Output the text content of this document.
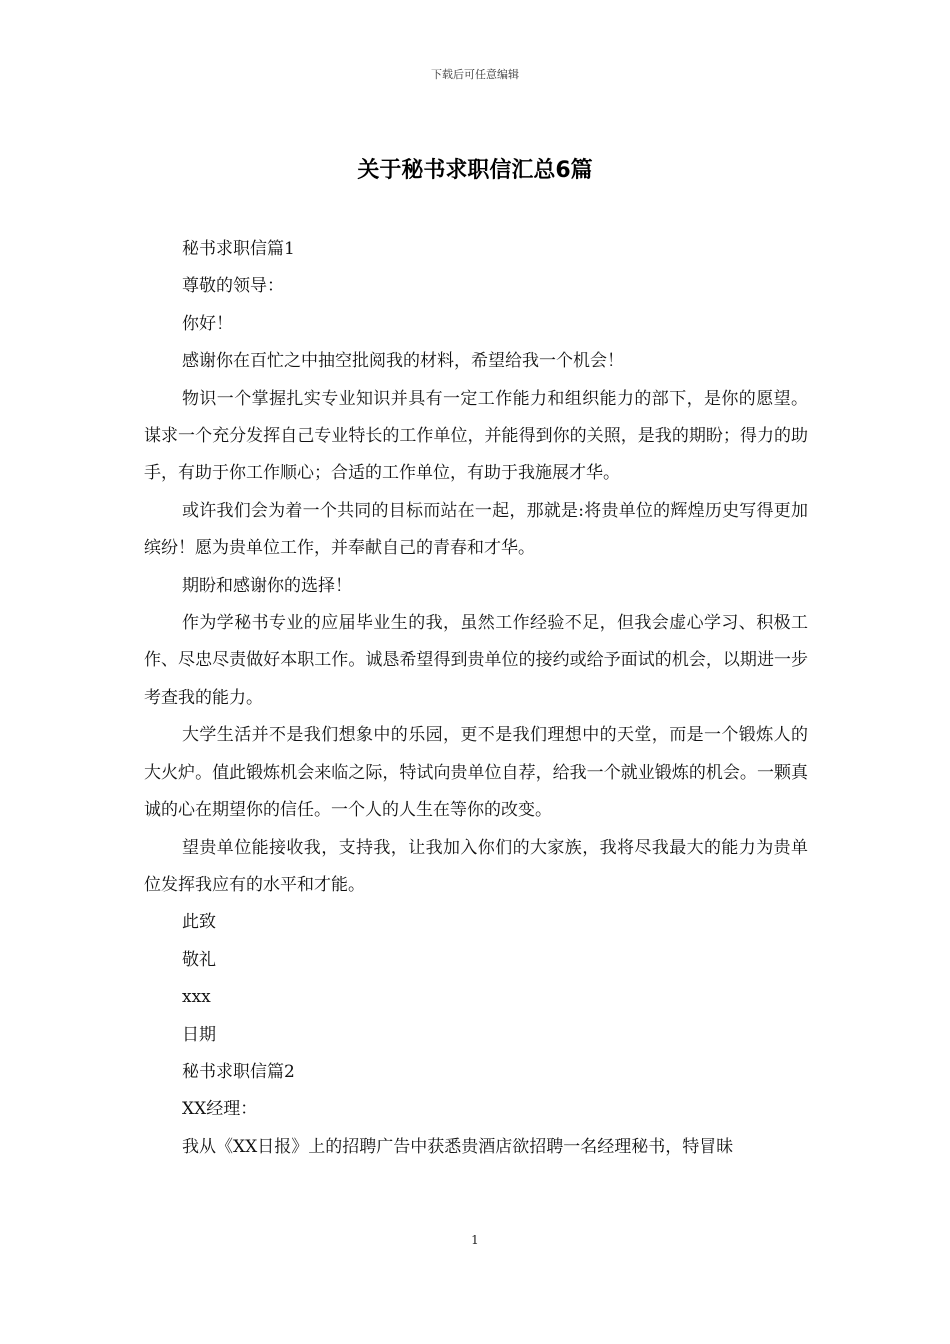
下载后可任意编辑
关于秘书求职信汇总6篇

秘书求职信篇1

尊敬的领导：

你好！

感谢你在百忙之中抽空批阅我的材料，希望给我一个机会！

物识一个掌握扎实专业知识并具有一定工作能力和组织能力的部下，是你的愿望。谋求一个充分发挥自己专业特长的工作单位，并能得到你的关照，是我的期盼；得力的助手，有助于你工作顺心；合适的工作单位，有助于我施展才华。

或许我们会为着一个共同的目标而站在一起，那就是:将贵单位的辉煌历史写得更加缤纷！愿为贵单位工作，并奉献自己的青春和才华。

期盼和感谢你的选择！

作为学秘书专业的应届毕业生的我，虽然工作经验不足，但我会虚心学习、积极工作、尽忠尽责做好本职工作。诚恳希望得到贵单位的接约或给予面试的机会，以期进一步考查我的能力。

大学生活并不是我们想象中的乐园，更不是我们理想中的天堂，而是一个锻炼人的大火炉。值此锻炼机会来临之际，特试向贵单位自荐，给我一个就业锻炼的机会。一颗真诚的心在期望你的信任。一个人的人生在等你的改变。

望贵单位能接收我，支持我，让我加入你们的大家族，我将尽我最大的能力为贵单位发挥我应有的水平和才能。

此致

敬礼

xxx

日期

秘书求职信篇2

XX经理：

我从《XX日报》上的招聘广告中获悉贵酒店欲招聘一名经理秘书，特冒昧

1
